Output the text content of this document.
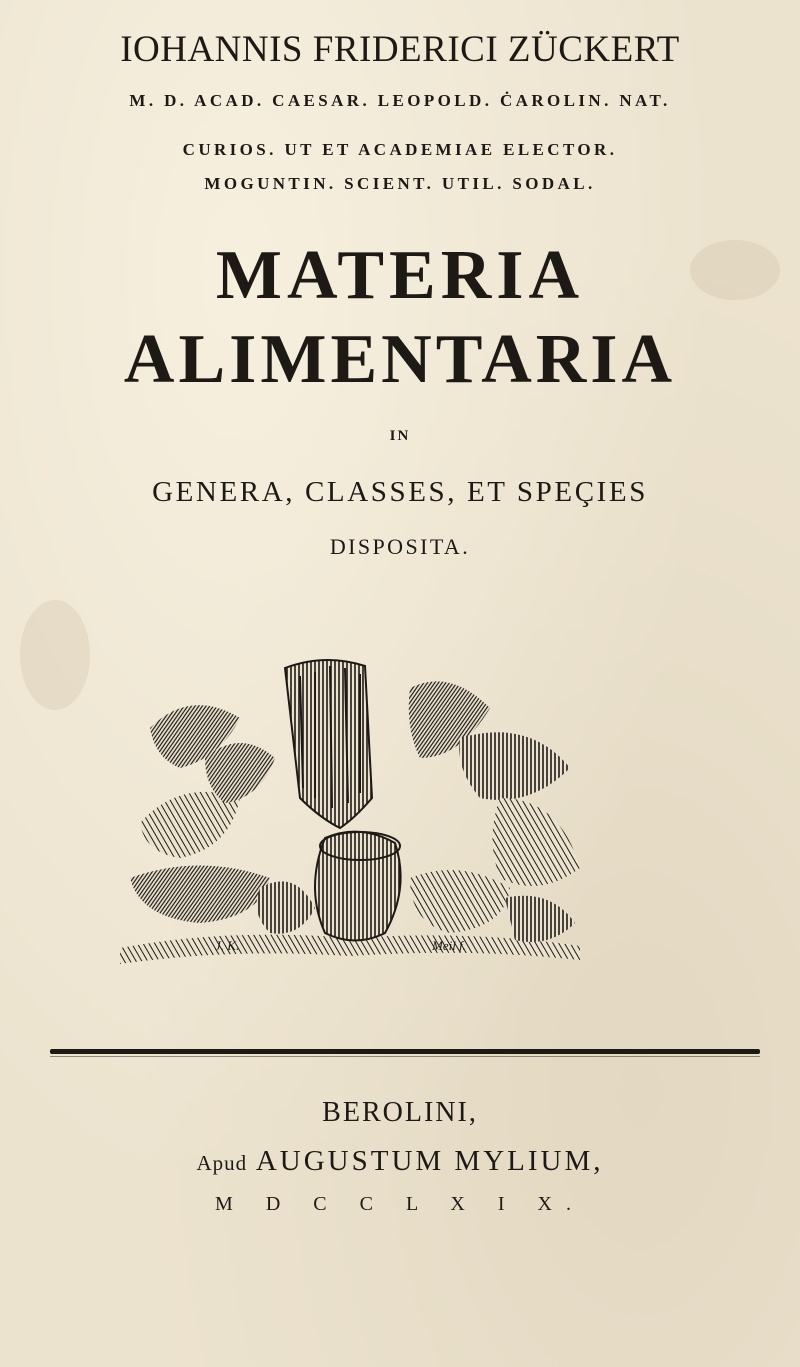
IOHANNIS FRIDERICI ZÜCKERT
M. D. ACAD. CAESAR. LEOPOLD. ĊAROLIN. NAT.
CURIOS. UT ET ACADEMIAE ELECTOR.
MOGUNTIN. SCIENT. UTIL. SODAL.
MATERIA
ALIMENTARIA
IN
GENERA, CLASSES, ET SPEÇIES
DISPOSITA.
J. K.	Meil f.
BEROLINI,
Apud AUGUSTUM MYLIUM,
M D C C L X I X.
